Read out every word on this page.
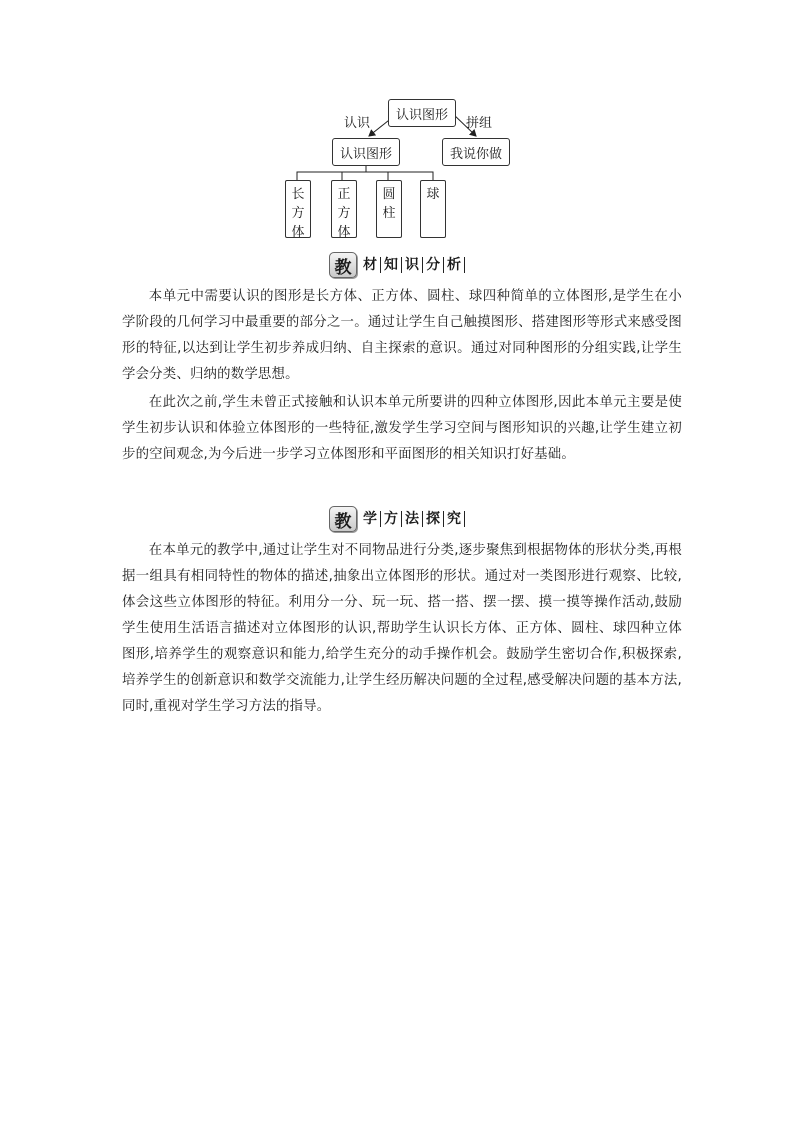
认识图形
认识	拼组
认识图形	我说你做
长
方
体
正
方
体
圆
柱
球
教 材 知 识 分 析

本单元中需要认识的图形是长方体、正方体、圆柱、球四种简单的立体图形,是学生在小学阶段的几何学习中最重要的部分之一。通过让学生自己触摸图形、搭建图形等形式来感受图形的特征,以达到让学生初步养成归纳、自主探索的意识。通过对同种图形的分组实践,让学生学会分类、归纳的数学思想。

在此次之前,学生未曾正式接触和认识本单元所要讲的四种立体图形,因此本单元主要是使学生初步认识和体验立体图形的一些特征,激发学生学习空间与图形知识的兴趣,让学生建立初步的空间观念,为今后进一步学习立体图形和平面图形的相关知识打好基础。

教 学 方 法 探 究

在本单元的教学中,通过让学生对不同物品进行分类,逐步聚焦到根据物体的形状分类,再根据一组具有相同特性的物体的描述,抽象出立体图形的形状。通过对一类图形进行观察、比较,体会这些立体图形的特征。利用分一分、玩一玩、搭一搭、摆一摆、摸一摸等操作活动,鼓励学生使用生活语言描述对立体图形的认识,帮助学生认识长方体、正方体、圆柱、球四种立体图形,培养学生的观察意识和能力,给学生充分的动手操作机会。鼓励学生密切合作,积极探索,培养学生的创新意识和数学交流能力,让学生经历解决问题的全过程,感受解决问题的基本方法,同时,重视对学生学习方法的指导。
